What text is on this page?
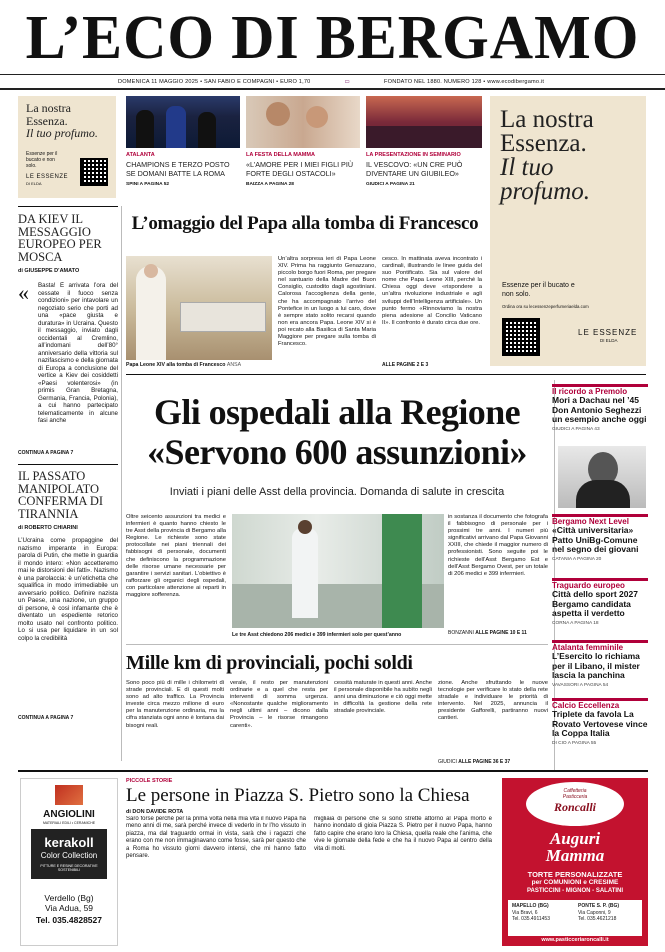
L’ECO DI BERGAMO
DOMENICA 11 MAGGIO 2025 • SAN FABIO E COMPAGNI • EURO 1,70	▭	FONDATO NEL 1880. NUMERO 128 • www.ecodibergamo.it
La nostra
Essenza.
Il tuo profumo.
Essenze per il bucato e non solo.
LE ESSENZE
DI ELDA
ATALANTA
CHAMPIONS E TERZO POSTO SE DOMANI BATTE LA ROMA
SPINI A PAGINA 52
LA FESTA DELLA MAMMA
«L’AMORE PER I MIEI FIGLI PIÙ FORTE DEGLI OSTACOLI»
BAIZZA A PAGINA 28
LA PRESENTAZIONE IN SEMINARIO
IL VESCOVO: «UN CRE PUÒ DIVENTARE UN GIUBILEO»
GIUDICI A PAGINA 21
La nostra
Essenza.
Il tuo
profumo.
Essenze per il bucato e non solo.
Ordina ora su lecessenzeperfumeriaelda.com
LE ESSENZE
DI ELDA
DA KIEV IL MESSAGGIO EUROPEO PER MOSCA
di GIUSEPPE D’AMATO
«	Basta! È arrivata l’ora del cessate il fuoco senza condizioni» per intavolare un negoziato serio che porti ad una «pace giusta e duratura» in Ucraina. Questo il messaggio, inviato dagli occidentali al Cremlino, all’indomani dell’80° anniversario della vittoria sul nazifascismo e della giornata di Europa a conclusione del vertice a Kiev dei cosiddetti «Paesi volenterosi» (in primis Gran Bretagna, Germania, Francia, Polonia), a cui hanno partecipato telematicamente in alcune fasi anche
CONTINUA A PAGINA 7
IL PASSATO MANIPOLATO CONFERMA DI TIRANNIA
di ROBERTO CHIARINI
L’Ucraina come propaggine del nazismo imperante in Europa: parola di Putin, che mette in guardia il mondo intero: «Non accetteremo mai le distorsioni dei fatti». Nazismo è una parolaccia: è un’etichetta che squalifica in modo irrimediabile un avversario politico. Definire nazista un Paese, una nazione, un gruppo di persone, è così infamante che è diventato un espediente retorico molto usato nel confronto politico. Lo si usa per liquidare in un sol colpo la credibilità
CONTINUA A PAGINA 7
L’omaggio del Papa alla tomba di Francesco
Papa Leone XIV alla tomba di Francesco ANSA
Un’altra sorpresa ieri di Papa Leone XIV. Prima ha raggiunto Genazzano, piccolo borgo fuori Roma, per pregare nel santuario della Madre del Buon Consiglio, custodito dagli agostiniani. Calorosa l’accoglienza della gente, che ha accompagnato l’arrivo del Pontefice in un luogo a lui caro, dove è sempre stato solito recarsi quando non era ancora Papa. Leone XIV si è poi recato alla Basilica di Santa Maria Maggiore per pregare sulla tomba di Francesco.
cesco. In mattinata aveva incontrato i cardinali, illustrando le linee guida del suo Pontificato. Sia sul valore del nome che Papa Leone XIII, perché la Chiesa oggi deve «rispondere a un’altra rivoluzione industriale e agli sviluppi dell’Intelligenza artificiale». Un punto fermo «Rinnoviamo la nostra piena adesione al Concilio Vaticano II». Il confronto è durato circa due ore.
ALLE PAGINE 2 E 3
Gli ospedali alla Regione
«Servono 600 assunzioni»
Inviati i piani delle Asst della provincia. Domanda di salute in crescita
Oltre seicento assunzioni tra medici e infermieri è quanto hanno chiesto le tre Asst della provincia di Bergamo alla Regione. Le richieste sono state protocollate nei piani triennali dei fabbisogni di personale, documenti che definiscono la programmazione delle risorse umane necessarie per garantire i servizi sanitari. L’obiettivo è rafforzare gli organici degli ospedali, con particolare attenzione ai reparti in maggiore sofferenza.
Le tre Asst chiedono 206 medici e 399 infermieri solo per quest’anno
in sostanza il documento che fotografa il fabbisogno di personale per i prossimi tre anni. I numeri più significativi arrivano dal Papa Giovanni XXIII, che chiede il maggior numero di professionisti. Sono seguite poi le richieste dell’Asst Bergamo Est e dell’Asst Bergamo Ovest, per un totale di 206 medici e 399 infermieri.
BONZANNI ALLE PAGINE 10 E 11
Mille km di provinciali, pochi soldi
Sono poco più di mille i chilometri di strade provinciali. E di questi molti sono ad alto traffico. La Provincia investe circa mezzo milione di euro per la manutenzione ordinaria, ma la cifra stanziata ogni anno è lontana dai bisogni reali.
verale, il resto per manutenzioni ordinarie e a quel che resta per interventi di somma urgenza. «Nonostante qualche miglioramento negli ultimi anni – dicono dalla Provincia – le risorse rimangono carenti».
cessità maturate in questi anni. Anche il personale disponibile ha subìto negli anni una diminuzione e ciò oggi mette in difficoltà la gestione della rete stradale provinciale.
zione. Anche sfruttando le nuove tecnologie per verificare lo stato della rete stradale e individuare le priorità di intervento. Nel 2025, annuncia il presidente Gafforelli, partiranno nuovi cantieri.
GIUDICI ALLE PAGINE 36 E 37
Il ricordo a Premolo
Mori a Dachau nel ’45 Don Antonio Seghezzi un esempio anche oggi
GIUDICI A PAGINA 43
Bergamo Next Level
«Città universitaria» Patto UniBg-Comune nel segno dei giovani
CATANIA A PAGINA 20
Traguardo europeo
Città dello sport 2027 Bergamo candidata aspetta il verdetto
CORNA A PAGINA 18
Atalanta femminile
L’Esercito lo richiama per il Libano, il mister lascia la panchina
VAVASSORI A PAGINA 54
Calcio Eccellenza
Triplete da favola La Rovato Vertovese vince la Coppa Italia
DI CIO A PAGINA 55
ANGIOLINI
MATERIALI EDILI • CERAMICHE
kerakoll
Color Collection
PITTURE E RESINE DECORATIVE SOSTENIBILI
Verdello (Bg)
Via Adua, 59
Tel. 035.4828527
PICCOLE STORIE
Le persone in Piazza S. Pietro sono la Chiesa
di DON DAVIDE ROTA
Sarò forse perché per la prima volta nella mia vita il nuovo Papa ha meno anni di me, sarà perché invece di vederlo in tv l’ho vissuto in piazza, ma dal traguardo ormai in vista, sarà che i ragazzi che erano con me non immaginavano come fosse, sarà per questo che a Roma ho vissuto giorni davvero intensi, che mi hanno fatto pensare.
migliaia di persone che si sono strette attorno al Papa morto e hanno inondato di gioia Piazza S. Pietro per il nuovo Papa, hanno fatto capire che erano loro la Chiesa, quella reale che l’anima, che vive le giornate della fede e che ha il nuovo Papa al centro della vita di molti.
Caffetteria
Pasticceria
Roncalli
Auguri
Mamma
TORTE PERSONALIZZATE
per COMUNIONI e CRESIME
PASTICCINI - MIGNON - SALATINI
MAPELLO (BG)
Via Bravi, 6
Tel. 035.4911453
PONTE S. P. (BG)
Via Caponni, 9
Tel. 035.4621218
www.pasticceriaroncalli.it
